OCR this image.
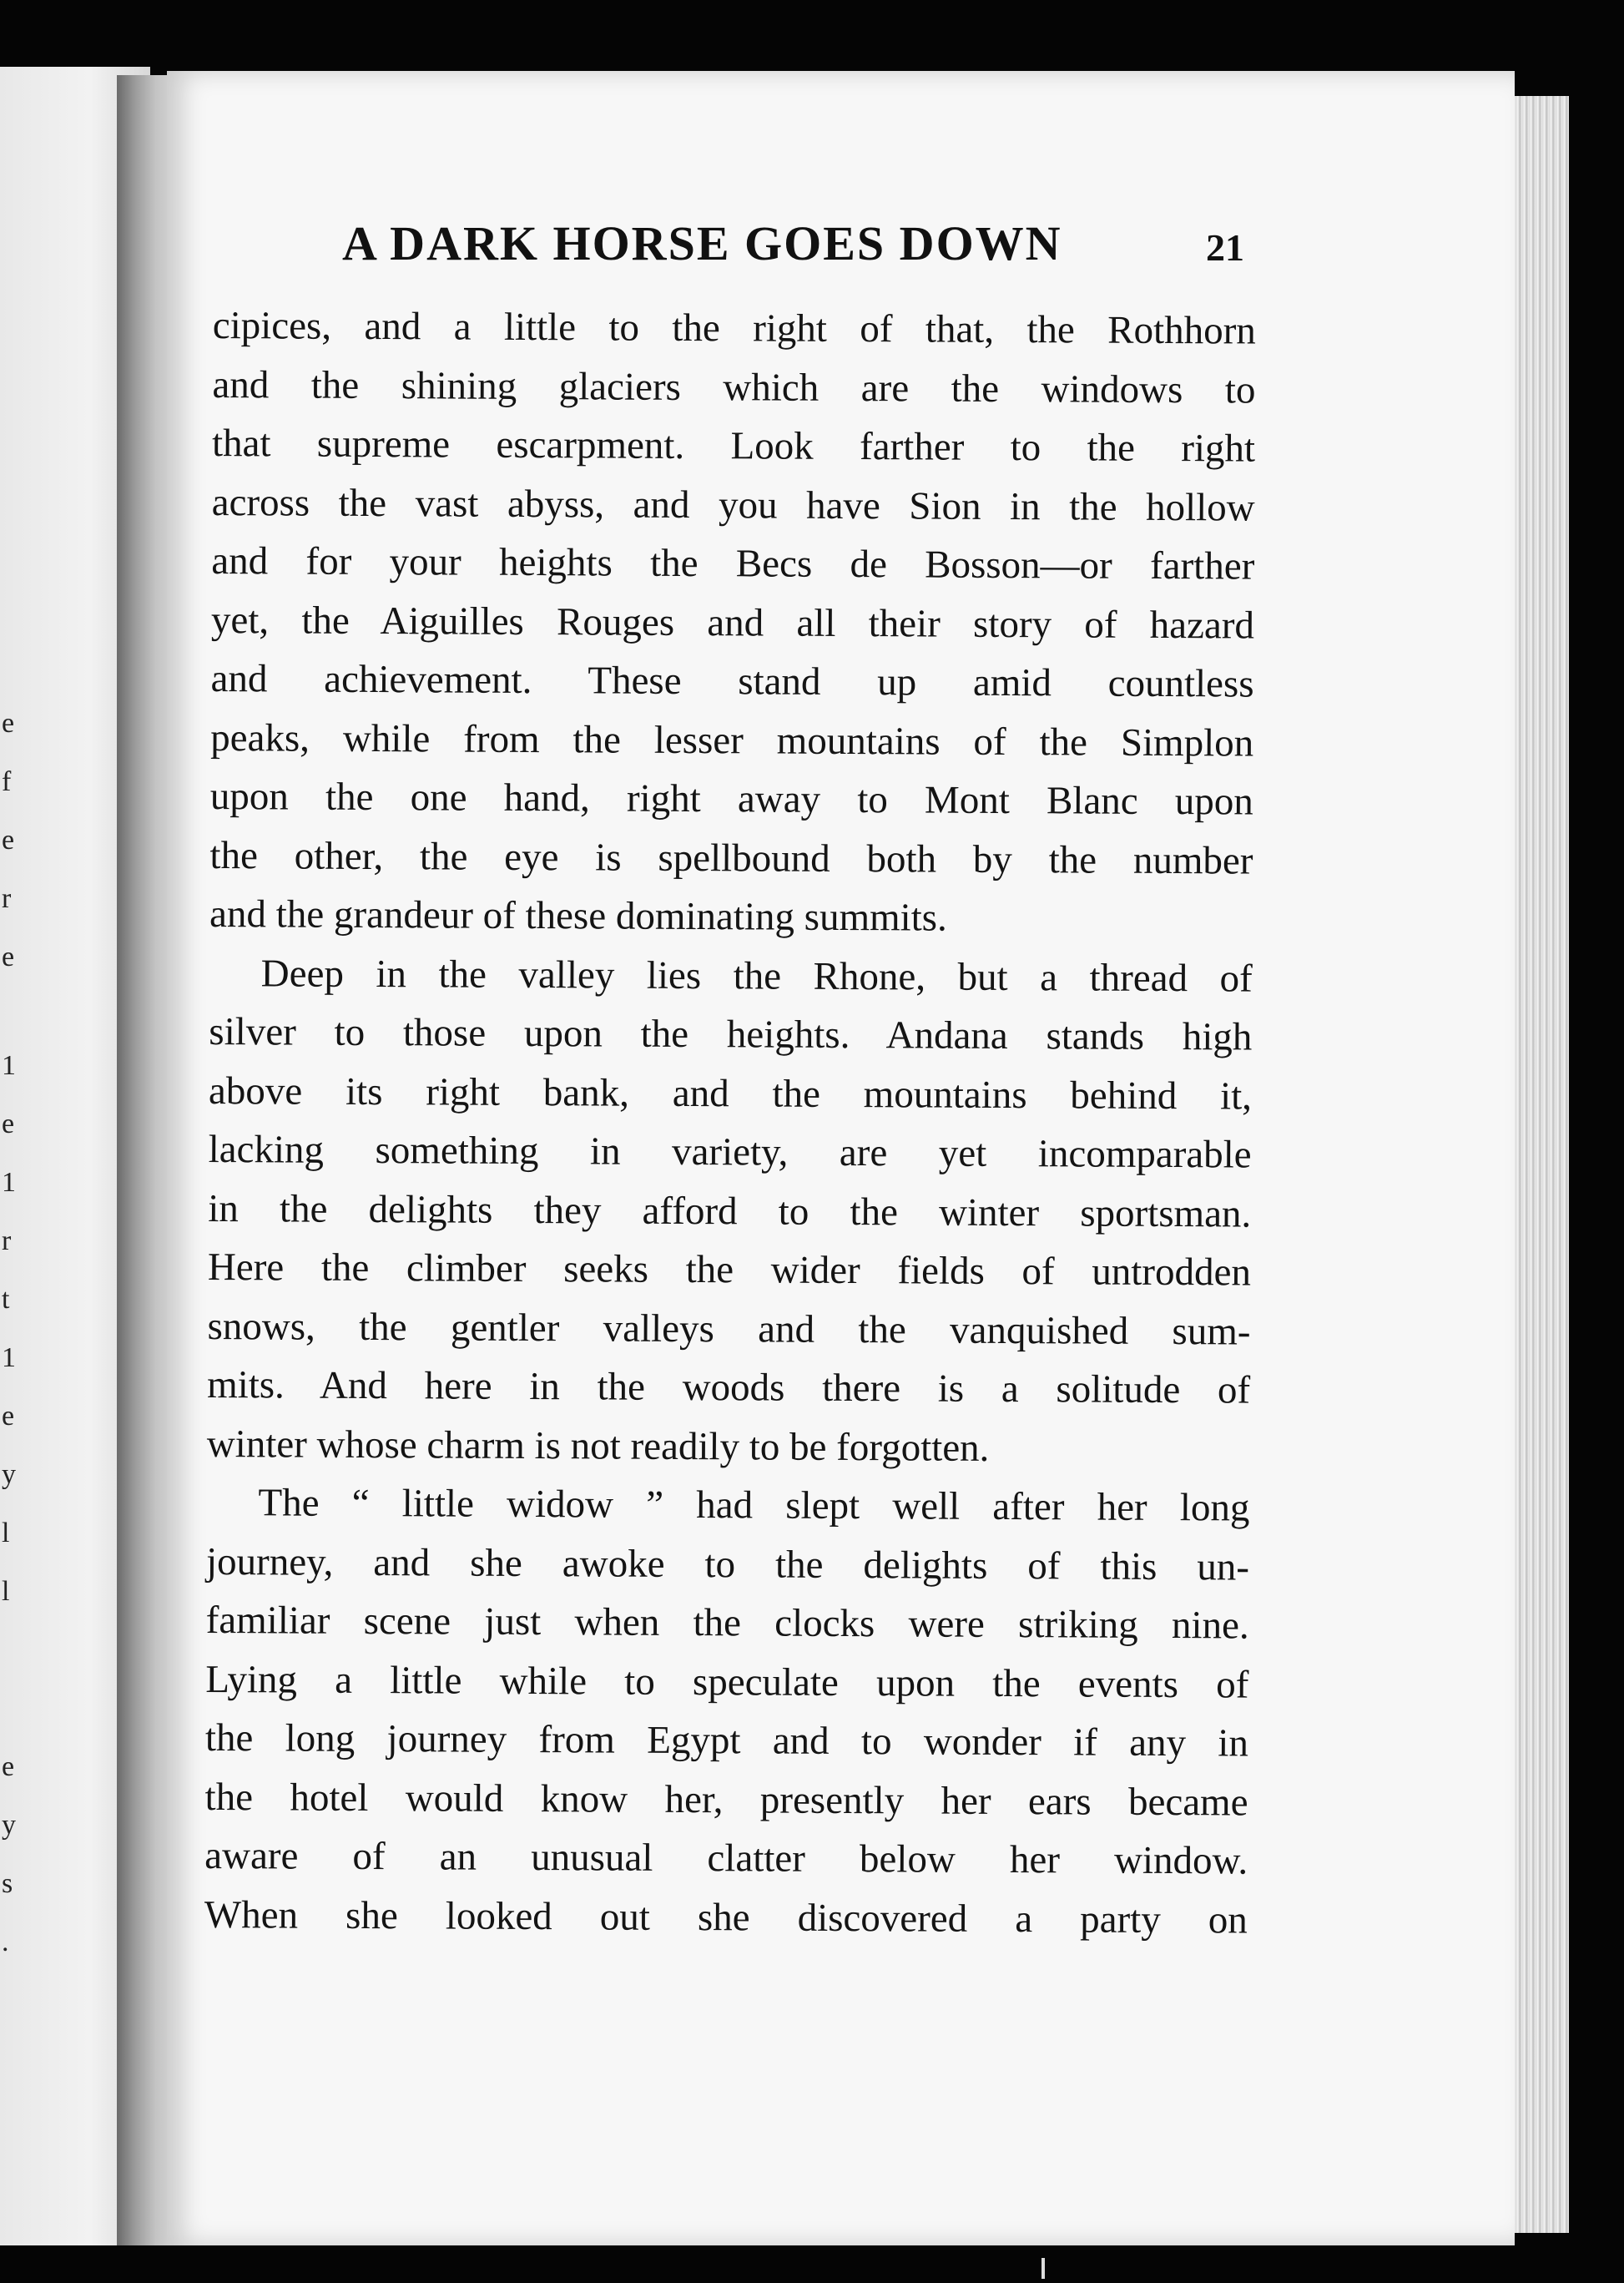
e
f
e
r
e
1
e
1
r
t
1
e
y
l
l
e
y
s
.
A DARK HORSE GOES DOWN	21
cipices, and a little to the right of that, the Rothhorn
and the shining glaciers which are the windows to
that supreme escarpment. Look farther to the right
across the vast abyss, and you have Sion in the hollow
and for your heights the Becs de Bosson—or farther
yet, the Aiguilles Rouges and all their story of hazard
and achievement. These stand up amid countless
peaks, while from the lesser mountains of the Simplon
upon the one hand, right away to Mont Blanc upon
the other, the eye is spellbound both by the number
and the grandeur of these dominating summits.
Deep in the valley lies the Rhone, but a thread of
silver to those upon the heights. Andana stands high
above its right bank, and the mountains behind it,
lacking something in variety, are yet incomparable
in the delights they afford to the winter sportsman.
Here the climber seeks the wider fields of untrodden
snows, the gentler valleys and the vanquished sum-
mits. And here in the woods there is a solitude of
winter whose charm is not readily to be forgotten.
The “ little widow ” had slept well after her long
journey, and she awoke to the delights of this un-
familiar scene just when the clocks were striking nine.
Lying a little while to speculate upon the events of
the long journey from Egypt and to wonder if any in
the hotel would know her, presently her ears became
aware of an unusual clatter below her window.
When she looked out she discovered a party on
